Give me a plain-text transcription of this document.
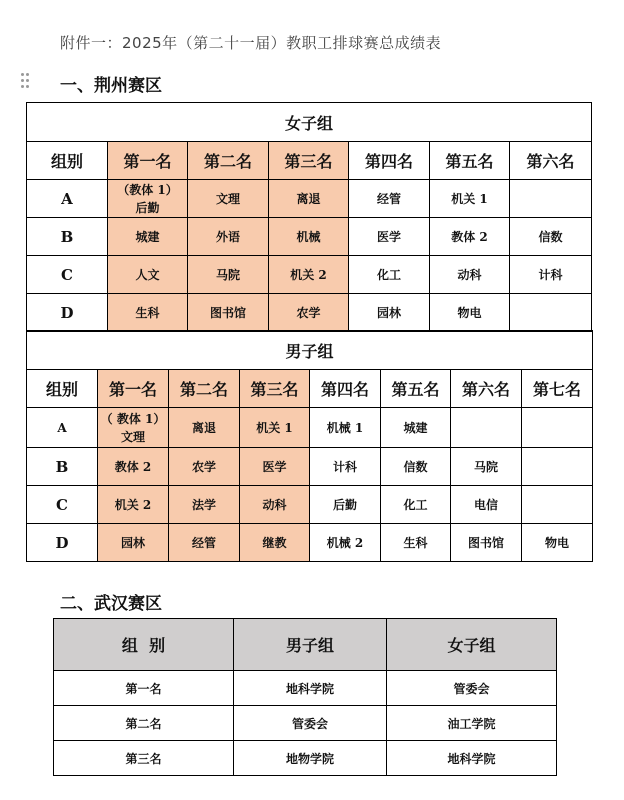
附件一：2025年（第二十一届）教职工排球赛总成绩表
一、荆州赛区
女子组						
组别	第一名	第二名	第三名	第四名	第五名	第六名
A	（教体 1）
后勤	文理	离退	经管	机关 1	
B	城建	外语	机械	医学	教体 2	信数
C	人文	马院	机关 2	化工	动科	计科
D	生科	图书馆	农学	园林	物电	
男子组							
组别	第一名	第二名	第三名	第四名	第五名	第六名	第七名
A	（ 教体 1）
文理	离退	机关 1	机械 1	城建		
B	教体 2	农学	医学	计科	信数	马院	
C	机关 2	法学	动科	后勤	化工	电信	
D	园林	经管	继教	机械 2	生科	图书馆	物电
二、武汉赛区
组  别	男子组	女子组
第一名	地科学院	管委会
第二名	管委会	油工学院
第三名	地物学院	地科学院
